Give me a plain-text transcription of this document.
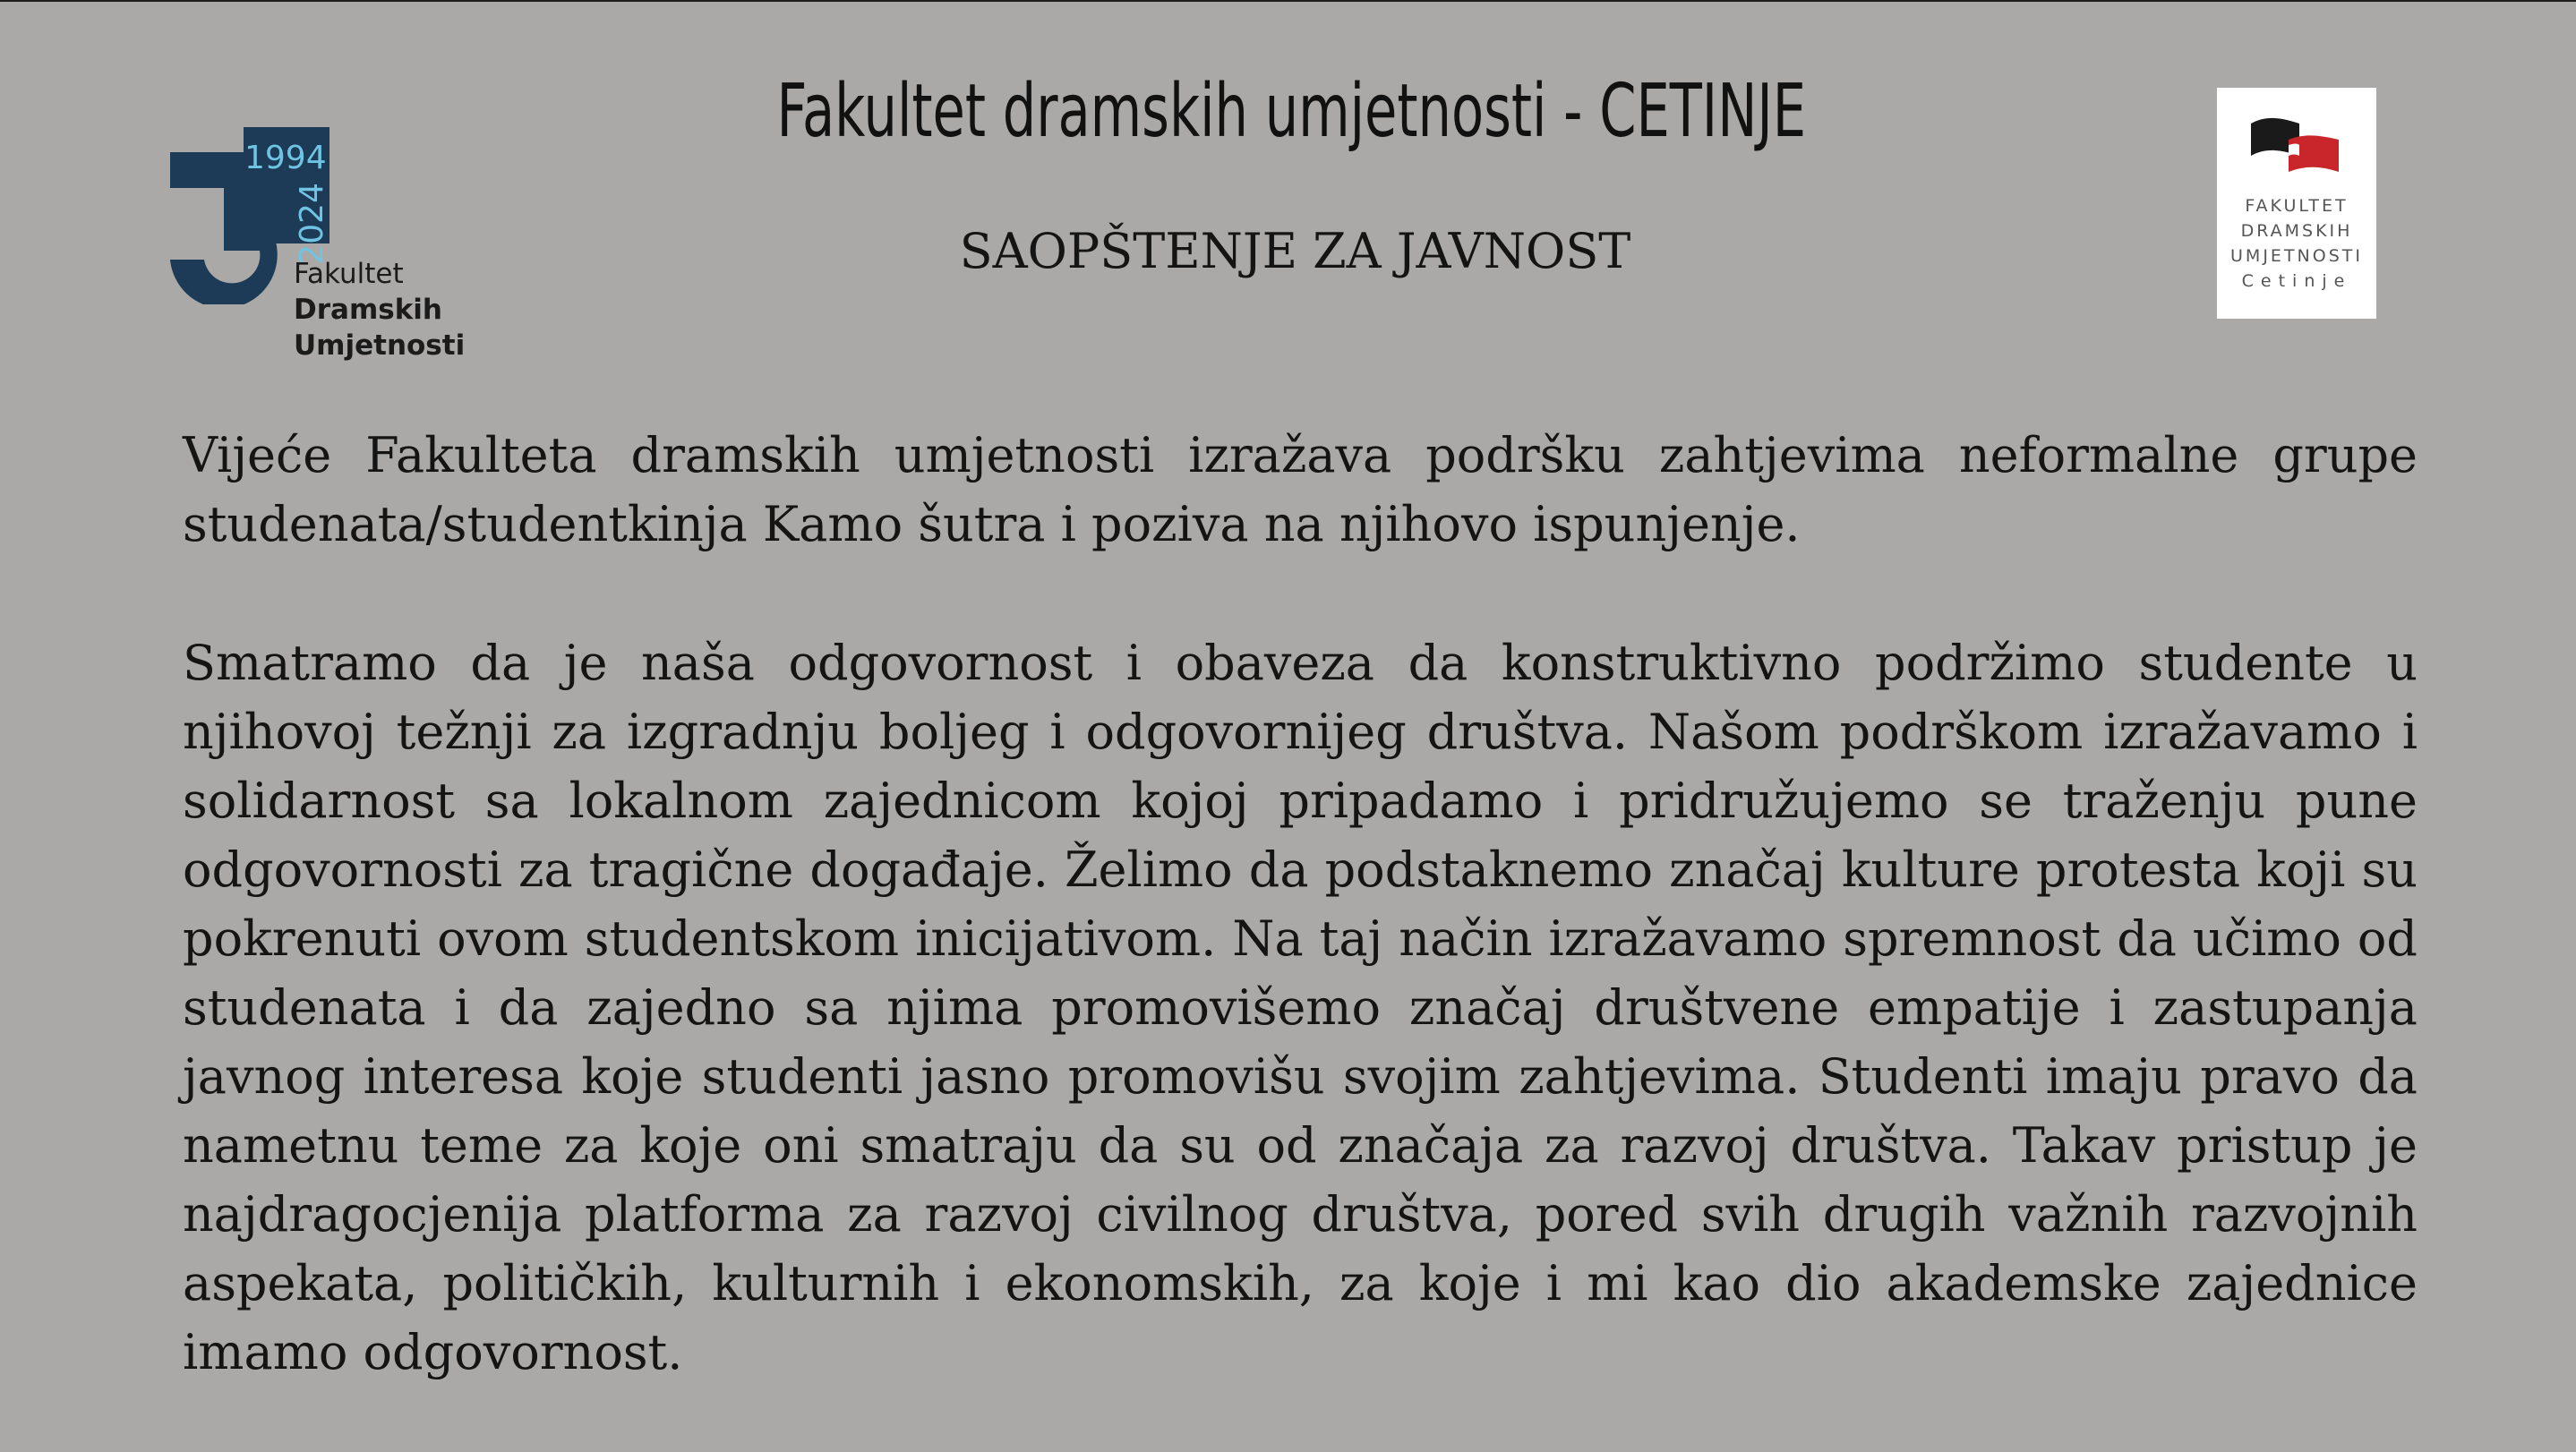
1994
2024
Fakultet
Dramskih
Umjetnosti
FAKULTET
DRAMSKIH
UMJETNOSTI
Cetinje
Fakultet dramskih umjetnosti - CETINJE
SAOPŠTENJE ZA JAVNOST

Vijeće Fakulteta dramskih umjetnosti izražava podršku zahtjevima neformalne grupe studenata/studentkinja Kamo šutra i poziva na njihovo ispunjenje.

Smatramo da je naša odgovornost i obaveza da konstruktivno podržimo studente u njihovoj težnji za izgradnju boljeg i odgovornijeg društva. Našom podrškom izražavamo i solidarnost sa lokalnom zajednicom kojoj pripadamo i pridružujemo se traženju pune odgovornosti za tragične događaje. Želimo da podstaknemo značaj kulture protesta koji su pokrenuti ovom studentskom inicijativom. Na taj način izražavamo spremnost da učimo od studenata i da zajedno sa njima promovišemo značaj društvene empatije i zastupanja javnog interesa koje studenti jasno promovišu svojim zahtjevima. Studenti imaju pravo da nametnu teme za koje oni smatraju da su od značaja za razvoj društva. Takav pristup je najdragocjenija platforma za razvoj civilnog društva, pored svih drugih važnih razvojnih aspekata, političkih, kulturnih i ekonomskih, za koje i mi kao dio akademske zajednice imamo odgovornost.
